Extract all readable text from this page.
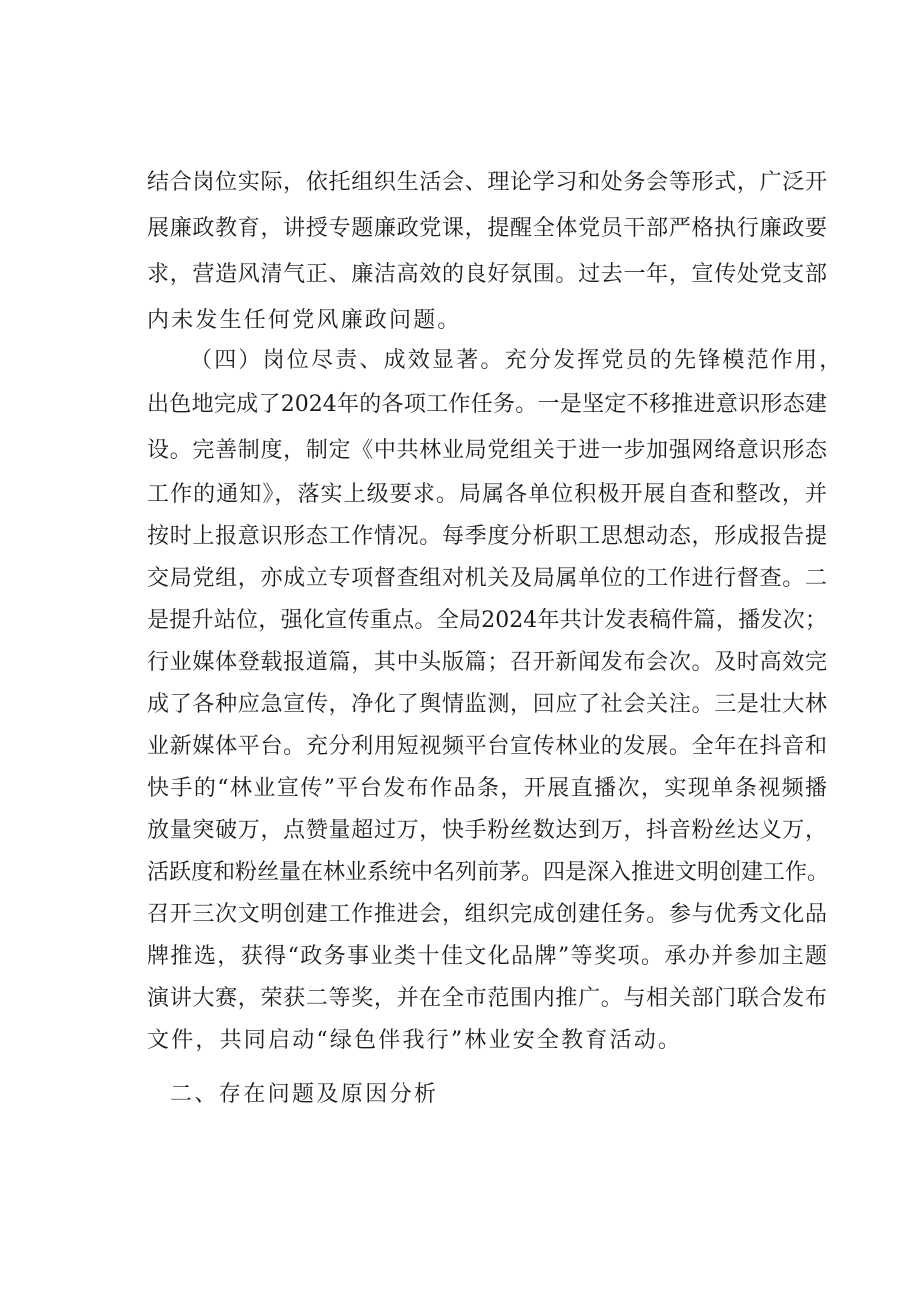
结合岗位实际，依托组织生活会、理论学习和处务会等形式，广泛开
展廉政教育，讲授专题廉政党课，提醒全体党员干部严格执行廉政要
求，营造风清气正、廉洁高效的良好氛围。过去一年，宣传处党支部
内未发生任何党风廉政问题。
（四）岗位尽责、成效显著。充分发挥党员的先锋模范作用，
出色地完成了2024年的各项工作任务。一是坚定不移推进意识形态建
设。完善制度，制定《中共林业局党组关于进一步加强网络意识形态
工作的通知》，落实上级要求。局属各单位积极开展自查和整改，并
按时上报意识形态工作情况。每季度分析职工思想动态，形成报告提
交局党组，亦成立专项督查组对机关及局属单位的工作进行督查。二
是提升站位，强化宣传重点。全局2024年共计发表稿件篇，播发次；
行业媒体登载报道篇，其中头版篇；召开新闻发布会次。及时高效完
成了各种应急宣传，净化了舆情监测，回应了社会关注。三是壮大林
业新媒体平台。充分利用短视频平台宣传林业的发展。全年在抖音和
快手的“林业宣传”平台发布作品条，开展直播次，实现单条视频播
放量突破万，点赞量超过万，快手粉丝数达到万，抖音粉丝达义万，
活跃度和粉丝量在林业系统中名列前茅。四是深入推进文明创建工作。
召开三次文明创建工作推进会，组织完成创建任务。参与优秀文化品
牌推选，获得“政务事业类十佳文化品牌”等奖项。承办并参加主题
演讲大赛，荣获二等奖，并在全市范围内推广。与相关部门联合发布
文件，共同启动“绿色伴我行”林业安全教育活动。
二、存在问题及原因分析
